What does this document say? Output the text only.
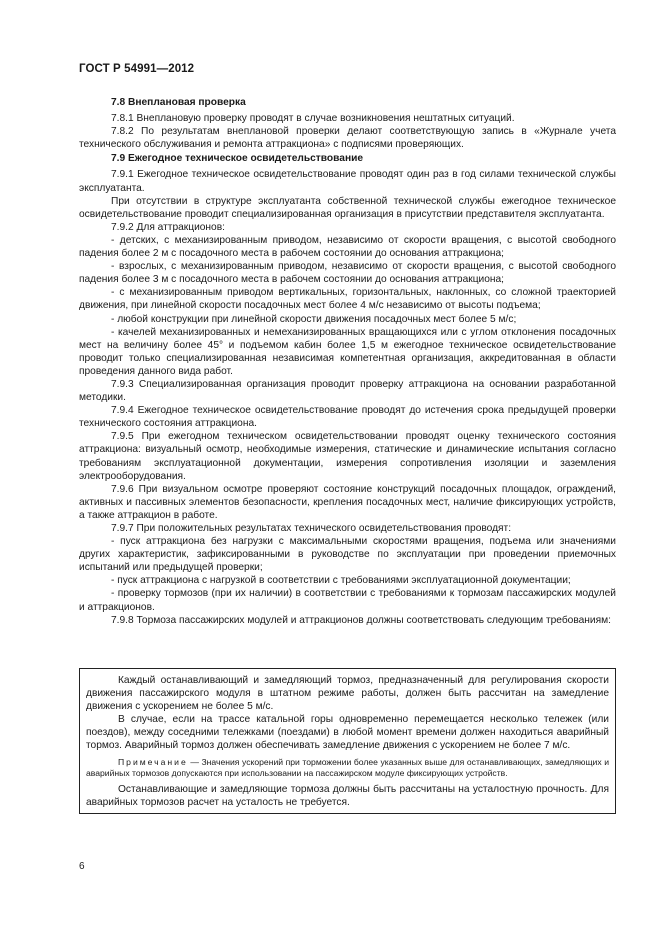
ГОСТ Р 54991—2012

7.8 Внеплановая проверка

7.8.1 Внеплановую проверку проводят в случае возникновения нештатных ситуаций.

7.8.2 По результатам внеплановой проверки делают соответствующую запись в «Журнале учета технического обслуживания и ремонта аттракциона» с подписями проверяющих.

7.9 Ежегодное техническое освидетельствование

7.9.1 Ежегодное техническое освидетельствование проводят один раз в год силами технической службы эксплуатанта.

При отсутствии в структуре эксплуатанта собственной технической службы ежегодное техническое освидетельствование проводит специализированная организация в присутствии представителя эксплуатанта.

7.9.2 Для аттракционов:

- детских, с механизированным приводом, независимо от скорости вращения, с высотой свободного падения более 2 м с посадочного места в рабочем состоянии до основания аттракциона;

- взрослых, с механизированным приводом, независимо от скорости вращения, с высотой свободного падения более 3 м с посадочного места в рабочем состоянии до основания аттракциона;

- с механизированным приводом вертикальных, горизонтальных, наклонных, со сложной траекторией движения, при линейной скорости посадочных мест более 4 м/с независимо от высоты подъема;

- любой конструкции при линейной скорости движения посадочных мест более 5 м/с;

- качелей механизированных и немеханизированных вращающихся или с углом отклонения посадочных мест на величину более 45° и подъемом кабин более 1,5 м ежегодное техническое освидетельствование проводит только специализированная независимая компетентная организация, аккредитованная в области проведения данного вида работ.

7.9.3 Специализированная организация проводит проверку аттракциона на основании разработанной методики.

7.9.4 Ежегодное техническое освидетельствование проводят до истечения срока предыдущей проверки технического состояния аттракциона.

7.9.5 При ежегодном техническом освидетельствовании проводят оценку технического состояния аттракциона: визуальный осмотр, необходимые измерения, статические и динамические испытания согласно требованиям эксплуатационной документации, измерения сопротивления изоляции и заземления электрооборудования.

7.9.6 При визуальном осмотре проверяют состояние конструкций посадочных площадок, ограждений, активных и пассивных элементов безопасности, крепления посадочных мест, наличие фиксирующих устройств, а также аттракцион в работе.

7.9.7 При положительных результатах технического освидетельствования проводят:

- пуск аттракциона без нагрузки с максимальными скоростями вращения, подъема или значениями других характеристик, зафиксированными в руководстве по эксплуатации при проведении приемочных испытаний или предыдущей проверки;

- пуск аттракциона с нагрузкой в соответствии с требованиями эксплуатационной документации;

- проверку тормозов (при их наличии) в соответствии с требованиями к тормозам пассажирских модулей и аттракционов.

7.9.8 Тормоза пассажирских модулей и аттракционов должны соответствовать следующим требованиям:

Каждый останавливающий и замедляющий тормоз, предназначенный для регулирования скорости движения пассажирского модуля в штатном режиме работы, должен быть рассчитан на замедление движения с ускорением не более 5 м/с.

В случае, если на трассе катальной горы одновременно перемещается несколько тележек (или поездов), между соседними тележками (поездами) в любой момент времени должен находиться аварийный тормоз. Аварийный тормоз должен обеспечивать замедление движения с ускорением не более 7 м/с.

Примечание — Значения ускорений при торможении более указанных выше для останавливающих, замедляющих и аварийных тормозов допускаются при использовании на пассажирском модуле фиксирующих устройств.

Останавливающие и замедляющие тормоза должны быть рассчитаны на усталостную прочность. Для аварийных тормозов расчет на усталость не требуется.

6
